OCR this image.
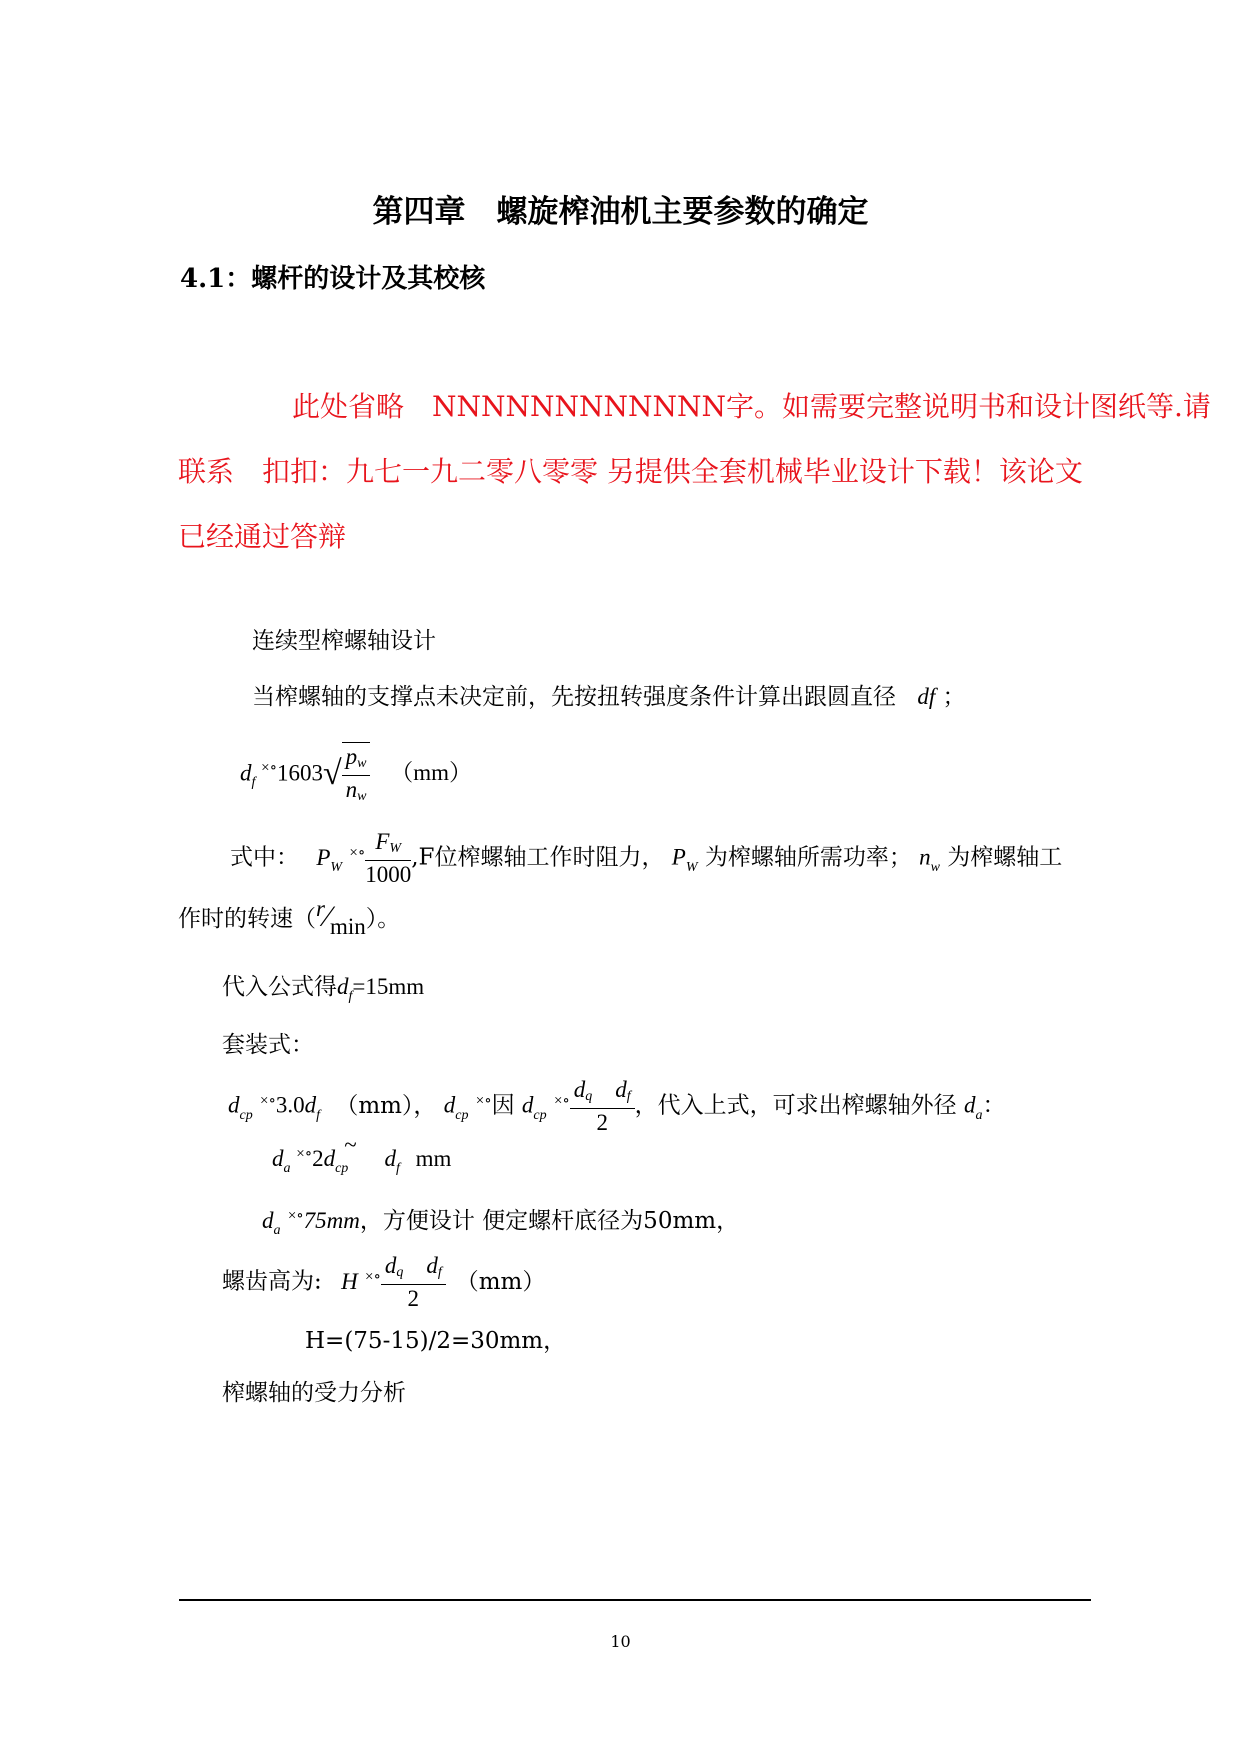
第四章　螺旋榨油机主要参数的确定
4.1：螺杆的设计及其校核
此处省略　NNNNNNNNNNNN字。如需要完整说明书和设计图纸等.请
联系　扣扣：九七一九二零八零零 另提供全套机械毕业设计下载！该论文
已经通过答辩
连续型榨螺轴设计
当榨螺轴的支撑点未决定前，先按扭转强度条件计算出跟圆直径 df ；
$d_f$ $^{\times\circ}1603√ \frac{pw}{nw} (mm)$
式中： $P_W$ $^{\times\circ} \frac{FW}{1000} ,F$位榨螺轴工作时阻力， $P_W$ 为榨螺轴所需功率； $n_w$ 为榨螺轴工
作时的转速（r⁄min）。
代入公式得$d_f=15mm$
套装式：
$d_{cp}$ $^{\times\circ}3.0d_f$ （mm）， $d_{cp}$ ×∘因 $d_{cp}$ $^{\times\circ} \frac{\text{dq df}}{2}$ ，代入上式，可求出榨螺轴外径 $d_a$：
$d_a$ $^{\times\circ}2d_{cp}\sim$ $d_f$ mm
$d_a$ ×∘75mm，方便设计 便定螺杆底径为50mm，
螺齿高为: H $^{\times\circ} \frac{\text{dq df}}{2} (mm)$
H=(75-15)/2=30mm，
榨螺轴的受力分析
10
